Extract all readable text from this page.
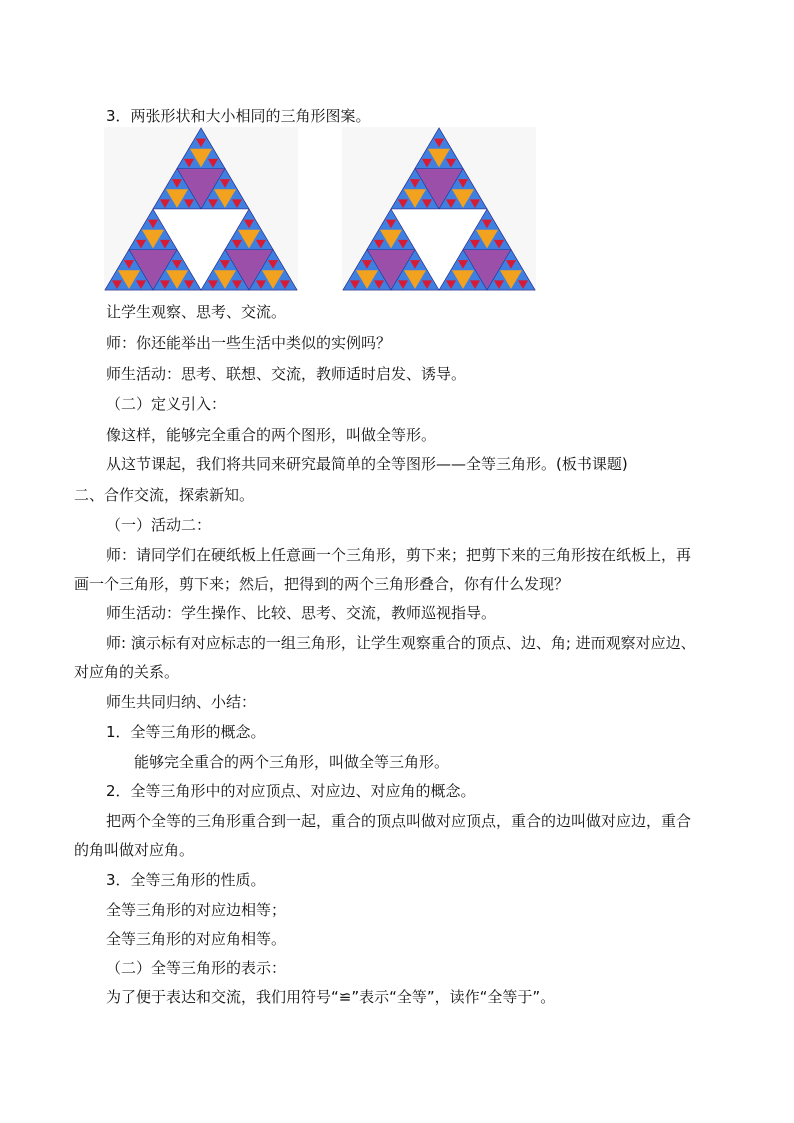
3．两张形状和大小相同的三角形图案。
让学生观察、思考、交流。
师：你还能举出一些生活中类似的实例吗？
师生活动：思考、联想、交流，教师适时启发、诱导。
（二）定义引入：
像这样，能够完全重合的两个图形，叫做全等形。
从这节课起，我们将共同来研究最简单的全等图形——全等三角形。(板书课题)
二、合作交流，探索新知。
（一）活动二：
师：请同学们在硬纸板上任意画一个三角形，剪下来；把剪下来的三角形按在纸板上，再
画一个三角形，剪下来；然后，把得到的两个三角形叠合，你有什么发现？
师生活动：学生操作、比较、思考、交流，教师巡视指导。
师: 演示标有对应标志的一组三角形，让学生观察重合的顶点、边、角; 进而观察对应边、
对应角的关系。
师生共同归纳、小结：
1．全等三角形的概念。
能够完全重合的两个三角形，叫做全等三角形。
2．全等三角形中的对应顶点、对应边、对应角的概念。
把两个全等的三角形重合到一起，重合的顶点叫做对应顶点，重合的边叫做对应边，重合
的角叫做对应角。
3．全等三角形的性质。
全等三角形的对应边相等；
全等三角形的对应角相等。
（二）全等三角形的表示：
为了便于表达和交流，我们用符号“≌”表示“全等”，读作“全等于”。
